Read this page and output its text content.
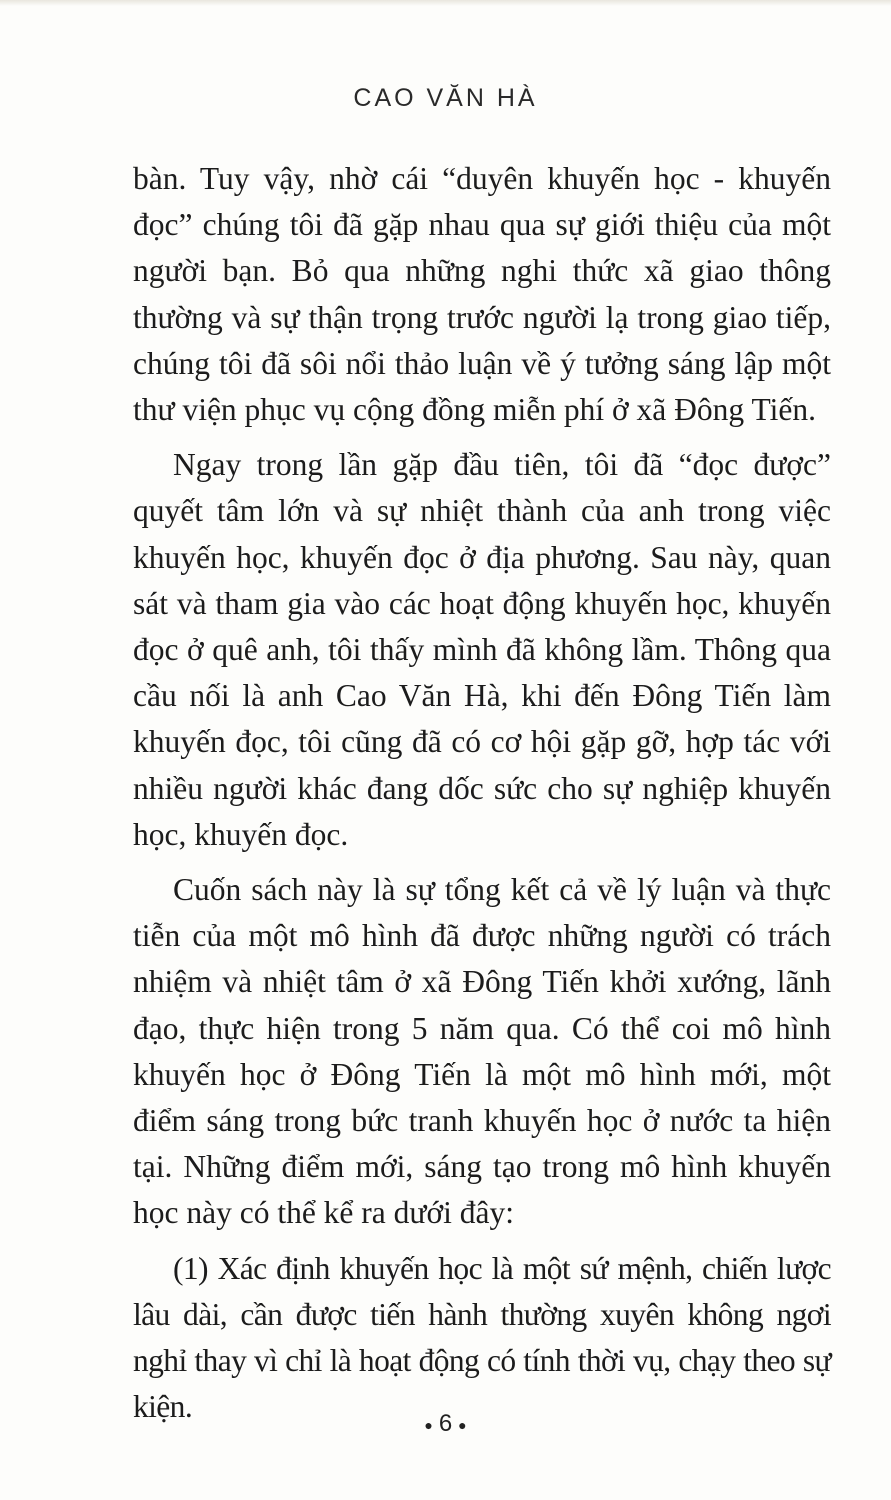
CAO VĂN HÀ

bàn. Tuy vậy, nhờ cái “duyên khuyến học - khuyến đọc” chúng tôi đã gặp nhau qua sự giới thiệu của một người bạn. Bỏ qua những nghi thức xã giao thông thường và sự thận trọng trước người lạ trong giao tiếp, chúng tôi đã sôi nổi thảo luận về ý tưởng sáng lập một thư viện phục vụ cộng đồng miễn phí ở xã Đông Tiến.

Ngay trong lần gặp đầu tiên, tôi đã “đọc được” quyết tâm lớn và sự nhiệt thành của anh trong việc khuyến học, khuyến đọc ở địa phương. Sau này, quan sát và tham gia vào các hoạt động khuyến học, khuyến đọc ở quê anh, tôi thấy mình đã không lầm. Thông qua cầu nối là anh Cao Văn Hà, khi đến Đông Tiến làm khuyến đọc, tôi cũng đã có cơ hội gặp gỡ, hợp tác với nhiều người khác đang dốc sức cho sự nghiệp khuyến học, khuyến đọc.

Cuốn sách này là sự tổng kết cả về lý luận và thực tiễn của một mô hình đã được những người có trách nhiệm và nhiệt tâm ở xã Đông Tiến khởi xướng, lãnh đạo, thực hiện trong 5 năm qua. Có thể coi mô hình khuyến học ở Đông Tiến là một mô hình mới, một điểm sáng trong bức tranh khuyến học ở nước ta hiện tại. Những điểm mới, sáng tạo trong mô hình khuyến học này có thể kể ra dưới đây:

(1) Xác định khuyến học là một sứ mệnh, chiến lược lâu dài, cần được tiến hành thường xuyên không ngơi nghỉ thay vì chỉ là hoạt động có tính thời vụ, chạy theo sự kiện.

● 6 ●
